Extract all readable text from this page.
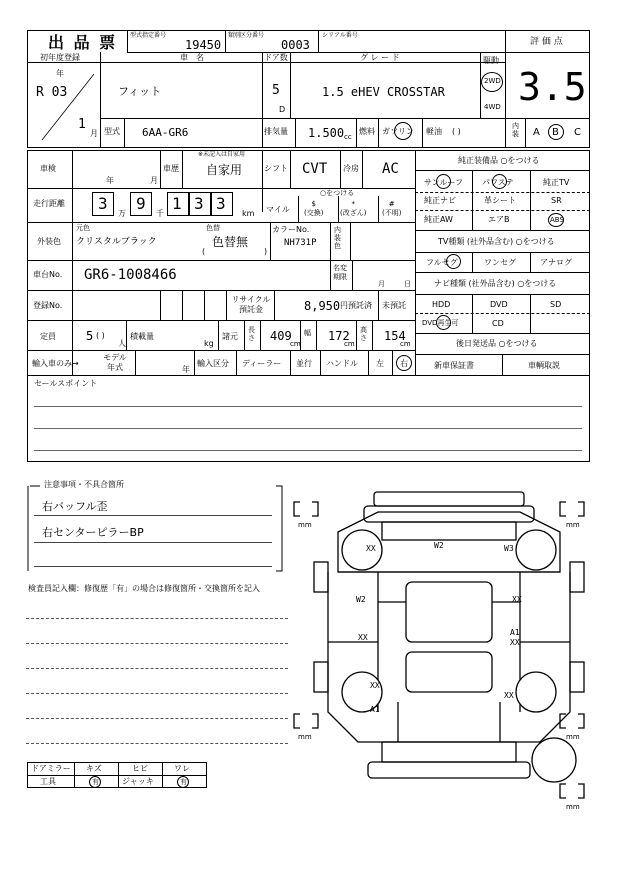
出 品 票 型式指定番号
19450
類別区分番号
0003
シリアル番号
評 価 点
3.5
内装	A B C
初年度登録	車　名	ドア数	グ レ ー ド	駆動
年
R 03
1
月
フィット	5
D
1.5 eHEV CROSSTAR
2WD
4WD
型式 6AA-GR6	排気量 1.500 cc
燃料 ガソリン 軽油 ( )
車検
年	月
車歴
※未記入は自家用
自家用	シフト CVT 冷房 AC
走行距離 3
万
9
千
1 3 3
km マイル
○をつける
$
(交換)
*
(改ざん)
#
(不明)
外装色
元色
クリスタルブラック
色替
色替無
(	)
カラーNo.
NH731P
内装色
車台No. GR6-1008466	名変期限
月	日
登録No.
リサイクル預託金	8,950 円預託済 未預託
定員	5 ( )
人
積載量
kg
諸元
長さ 409
cm
幅 172
cm
高さ 154
cm
輸入車のみ→
モデル年式	年
輸入区分 ディーラー 並行 ハンドル 左 右
純正装備品 ○をつける
サンルーフ パワステ	純正TV
純正ナビ	革シート	SR
純正AW	エアB	ABS
TV種類 (社外品含む) ○をつける
フルセグ	ワンセグ	アナログ
ナビ種類 (社外品含む) ○をつける
HDD	DVD	SD
DVD再生可	CD
後日発送品 ○をつける
新車保証書	車輌取説
セールスポイント
注意事項・不具合箇所
右バッフル歪
右センターピラーBP
検査員記入欄：修復歴「有」の場合は修復箇所・交換箇所を記入
ドアミラー キズ	ヒビ	ワレ
工具	有	ジャッキ	有
mm	mm
mm	mm
mm
XX	W2	W3
W2	XX
XX
A1
XX
XX
XX
A1
